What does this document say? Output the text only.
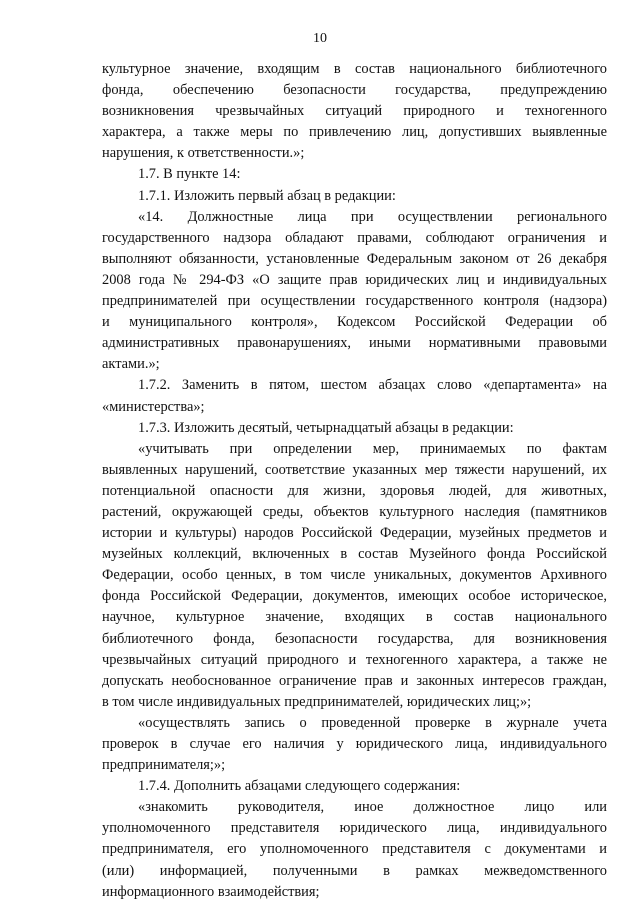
10
культурное значение, входящим в состав национального библиотечного
фонда, обеспечению безопасности государства, предупреждению
возникновения чрезвычайных ситуаций природного и техногенного
характера, а также меры по привлечению лиц, допустивших выявленные
нарушения, к ответственности.»;
1.7. В пункте 14:
1.7.1. Изложить первый абзац в редакции:
«14. Должностные лица при осуществлении регионального
государственного надзора обладают правами, соблюдают ограничения и
выполняют обязанности, установленные Федеральным законом от 26 декабря
2008 года № 294-ФЗ «О защите прав юридических лиц и индивидуальных
предпринимателей при осуществлении государственного контроля (надзора)
и муниципального контроля», Кодексом Российской Федерации об
административных правонарушениях, иными нормативными правовыми
актами.»;
1.7.2. Заменить в пятом, шестом абзацах слово «департамента» на
«министерства»;
1.7.3. Изложить десятый, четырнадцатый абзацы в редакции:
«учитывать при определении мер, принимаемых по фактам
выявленных нарушений, соответствие указанных мер тяжести нарушений, их
потенциальной опасности для жизни, здоровья людей, для животных,
растений, окружающей среды, объектов культурного наследия (памятников
истории и культуры) народов Российской Федерации, музейных предметов и
музейных коллекций, включенных в состав Музейного фонда Российской
Федерации, особо ценных, в том числе уникальных, документов Архивного
фонда Российской Федерации, документов, имеющих особое историческое,
научное, культурное значение, входящих в состав национального
библиотечного фонда, безопасности государства, для возникновения
чрезвычайных ситуаций природного и техногенного характера, а также не
допускать необоснованное ограничение прав и законных интересов граждан,
в том числе индивидуальных предпринимателей, юридических лиц;»;
«осуществлять запись о проведенной проверке в журнале учета
проверок в случае его наличия у юридического лица, индивидуального
предпринимателя;»;
1.7.4. Дополнить абзацами следующего содержания:
«знакомить руководителя, иное должностное лицо или
уполномоченного представителя юридического лица, индивидуального
предпринимателя, его уполномоченного представителя с документами и
(или) информацией, полученными в рамках межведомственного
информационного взаимодействия;
